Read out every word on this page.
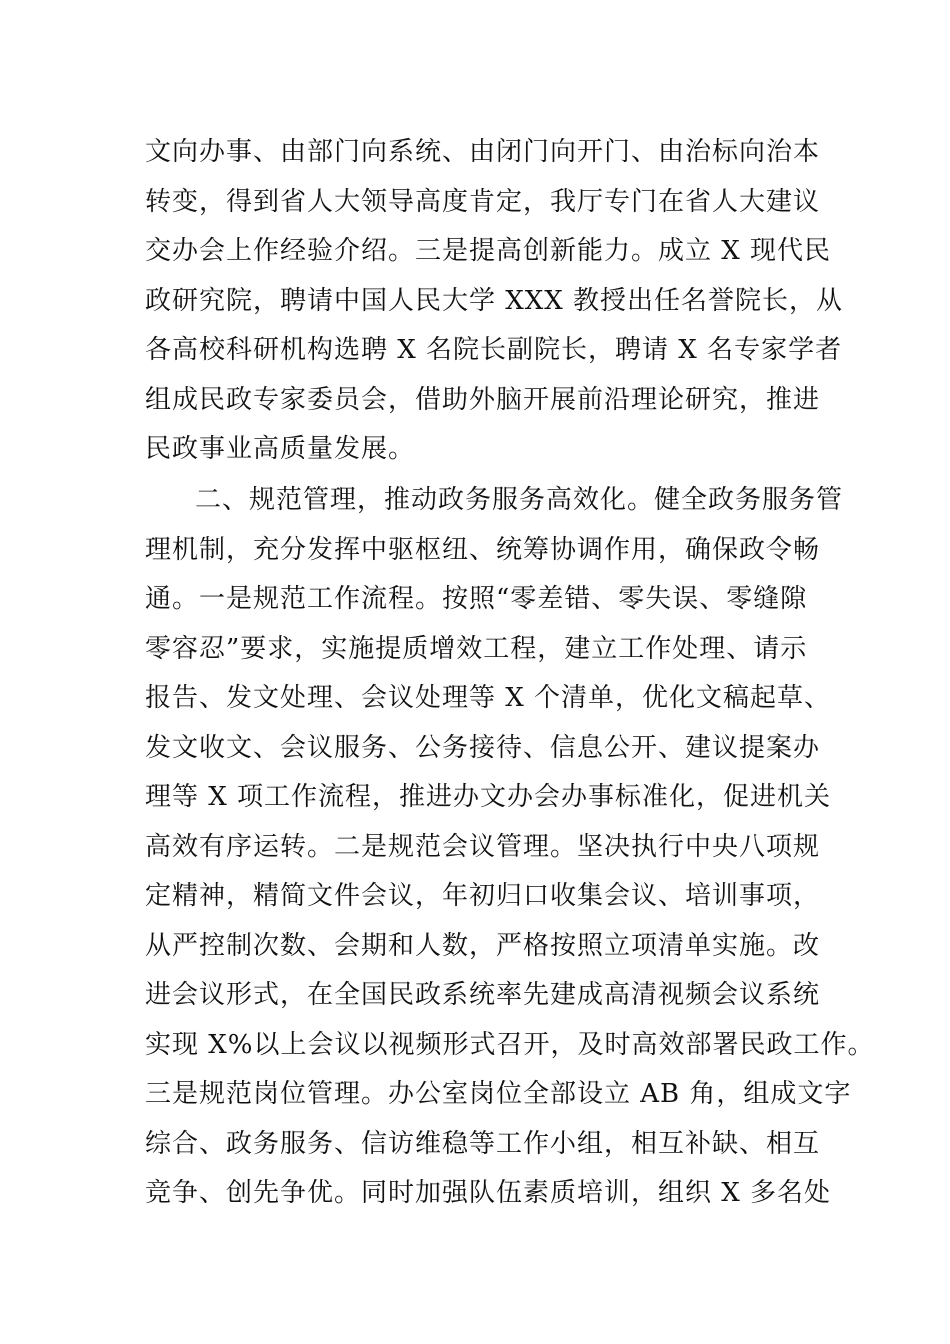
文向办事、由部门向系统、由闭门向开门、由治标向治本
转变，得到省人大领导高度肯定，我厅专门在省人大建议
交办会上作经验介绍。三是提高创新能力。成立 X 现代民
政研究院，聘请中国人民大学 XXX 教授出任名誉院长，从
各高校科研机构选聘 X 名院长副院长，聘请 X 名专家学者
组成民政专家委员会，借助外脑开展前沿理论研究，推进
民政事业高质量发展。
二、规范管理，推动政务服务高效化。健全政务服务管
理机制，充分发挥中驱枢纽、统筹协调作用，确保政令畅
通。一是规范工作流程。按照“零差错、零失误、零缝隙
零容忍”要求，实施提质增效工程，建立工作处理、请示
报告、发文处理、会议处理等 X 个清单，优化文稿起草、
发文收文、会议服务、公务接待、信息公开、建议提案办
理等 X 项工作流程，推进办文办会办事标准化，促进机关
高效有序运转。二是规范会议管理。坚决执行中央八项规
定精神，精简文件会议，年初归口收集会议、培训事项，
从严控制次数、会期和人数，严格按照立项清单实施。改
进会议形式，在全国民政系统率先建成高清视频会议系统
实现 X%以上会议以视频形式召开，及时高效部署民政工作。
三是规范岗位管理。办公室岗位全部设立 AB 角，组成文字
综合、政务服务、信访维稳等工作小组，相互补缺、相互
竞争、创先争优。同时加强队伍素质培训，组织 X 多名处
